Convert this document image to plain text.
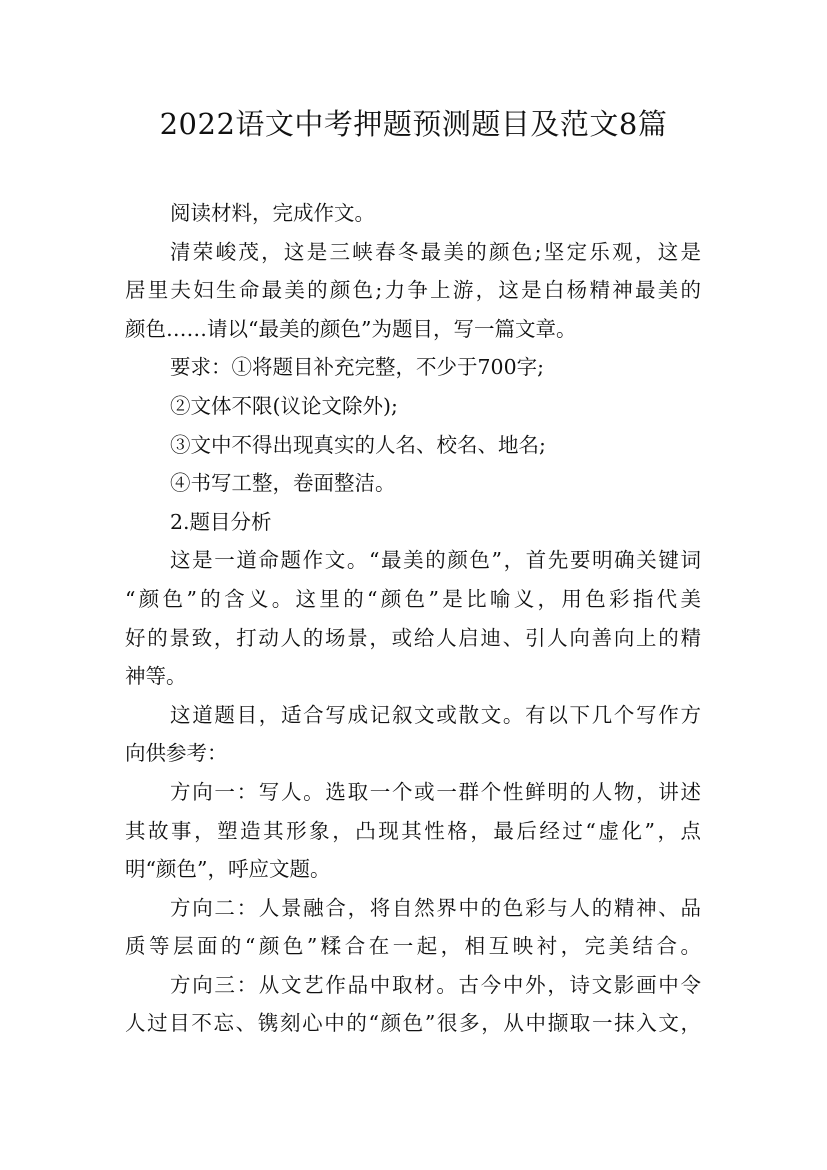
2022语文中考押题预测题目及范文8篇
阅读材料，完成作文。
清荣峻茂，这是三峡春冬最美的颜色;坚定乐观，这是
居里夫妇生命最美的颜色;力争上游，这是白杨精神最美的
颜色……请以“最美的颜色”为题目，写一篇文章。
要求：①将题目补充完整，不少于700字;
②文体不限(议论文除外);
③文中不得出现真实的人名、校名、地名;
④书写工整，卷面整洁。
2.题目分析
这是一道命题作文。“最美的颜色”，首先要明确关键词
“颜色”的含义。这里的“颜色”是比喻义，用色彩指代美
好的景致，打动人的场景，或给人启迪、引人向善向上的精
神等。
这道题目，适合写成记叙文或散文。有以下几个写作方
向供参考：
方向一：写人。选取一个或一群个性鲜明的人物，讲述
其故事，塑造其形象，凸现其性格，最后经过“虚化”，点
明“颜色”，呼应文题。
方向二：人景融合，将自然界中的色彩与人的精神、品
质等层面的“颜色”糅合在一起，相互映衬，完美结合。
方向三：从文艺作品中取材。古今中外，诗文影画中令
人过目不忘、镌刻心中的“颜色”很多，从中撷取一抹入文，
